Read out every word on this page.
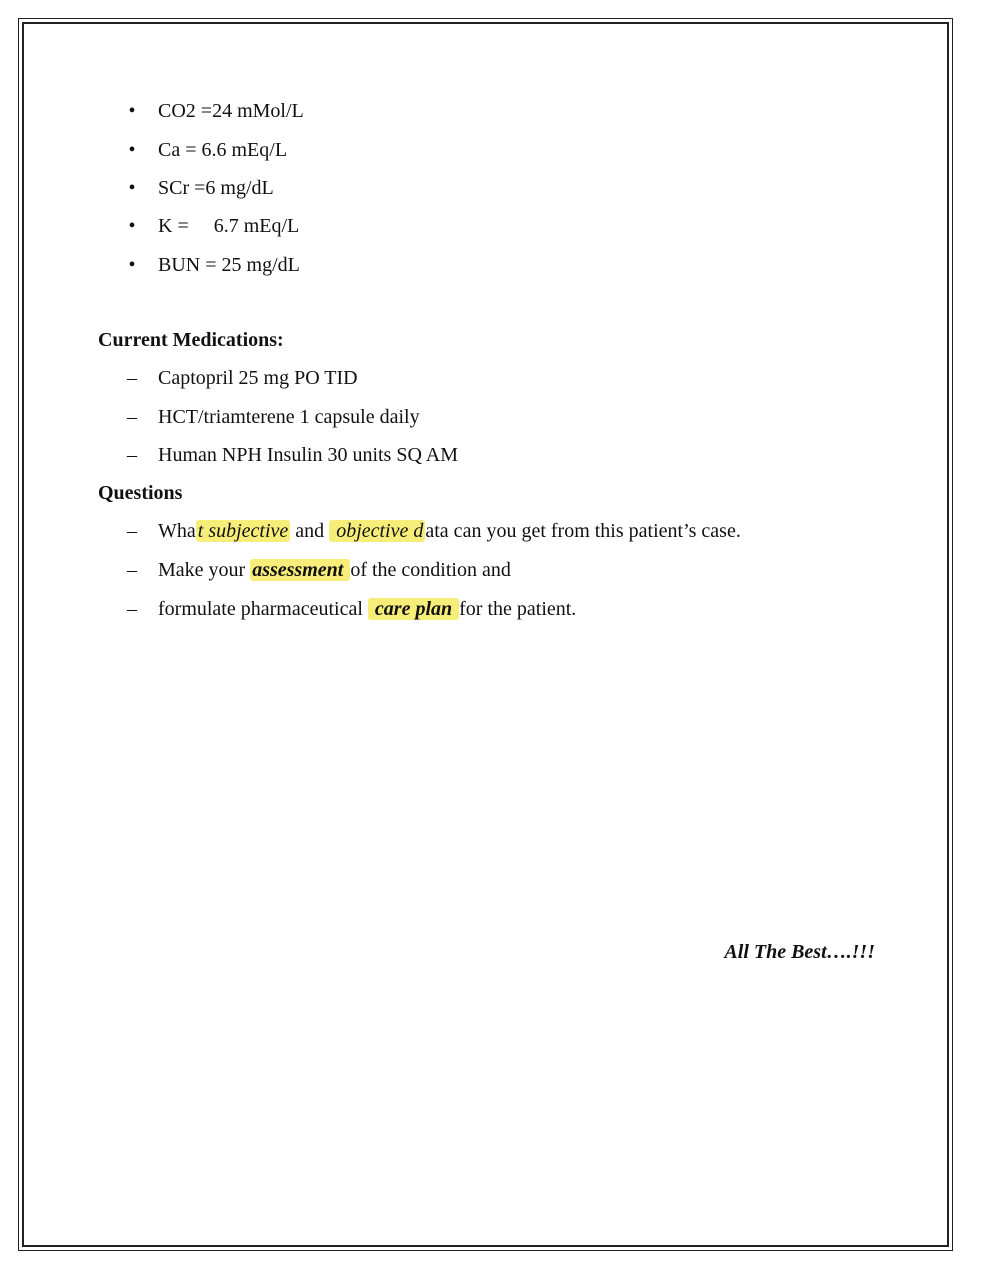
•	CO2 =24 mMol/L
•	Ca = 6.6 mEq/L
•	SCr =6 mg/dL
•	K =     6.7 mEq/L
•	BUN = 25 mg/dL
Current Medications:
– Captopril 25 mg PO TID
– HCT/triamterene 1 capsule daily
– Human NPH Insulin 30 units SQ AM
Questions
– Wha t subjective and  objective d ata can you get from this patient’s case.
– Make your assessment of the condition and
– formulate pharmaceutical  care plan for the patient.
All The Best….!!!
